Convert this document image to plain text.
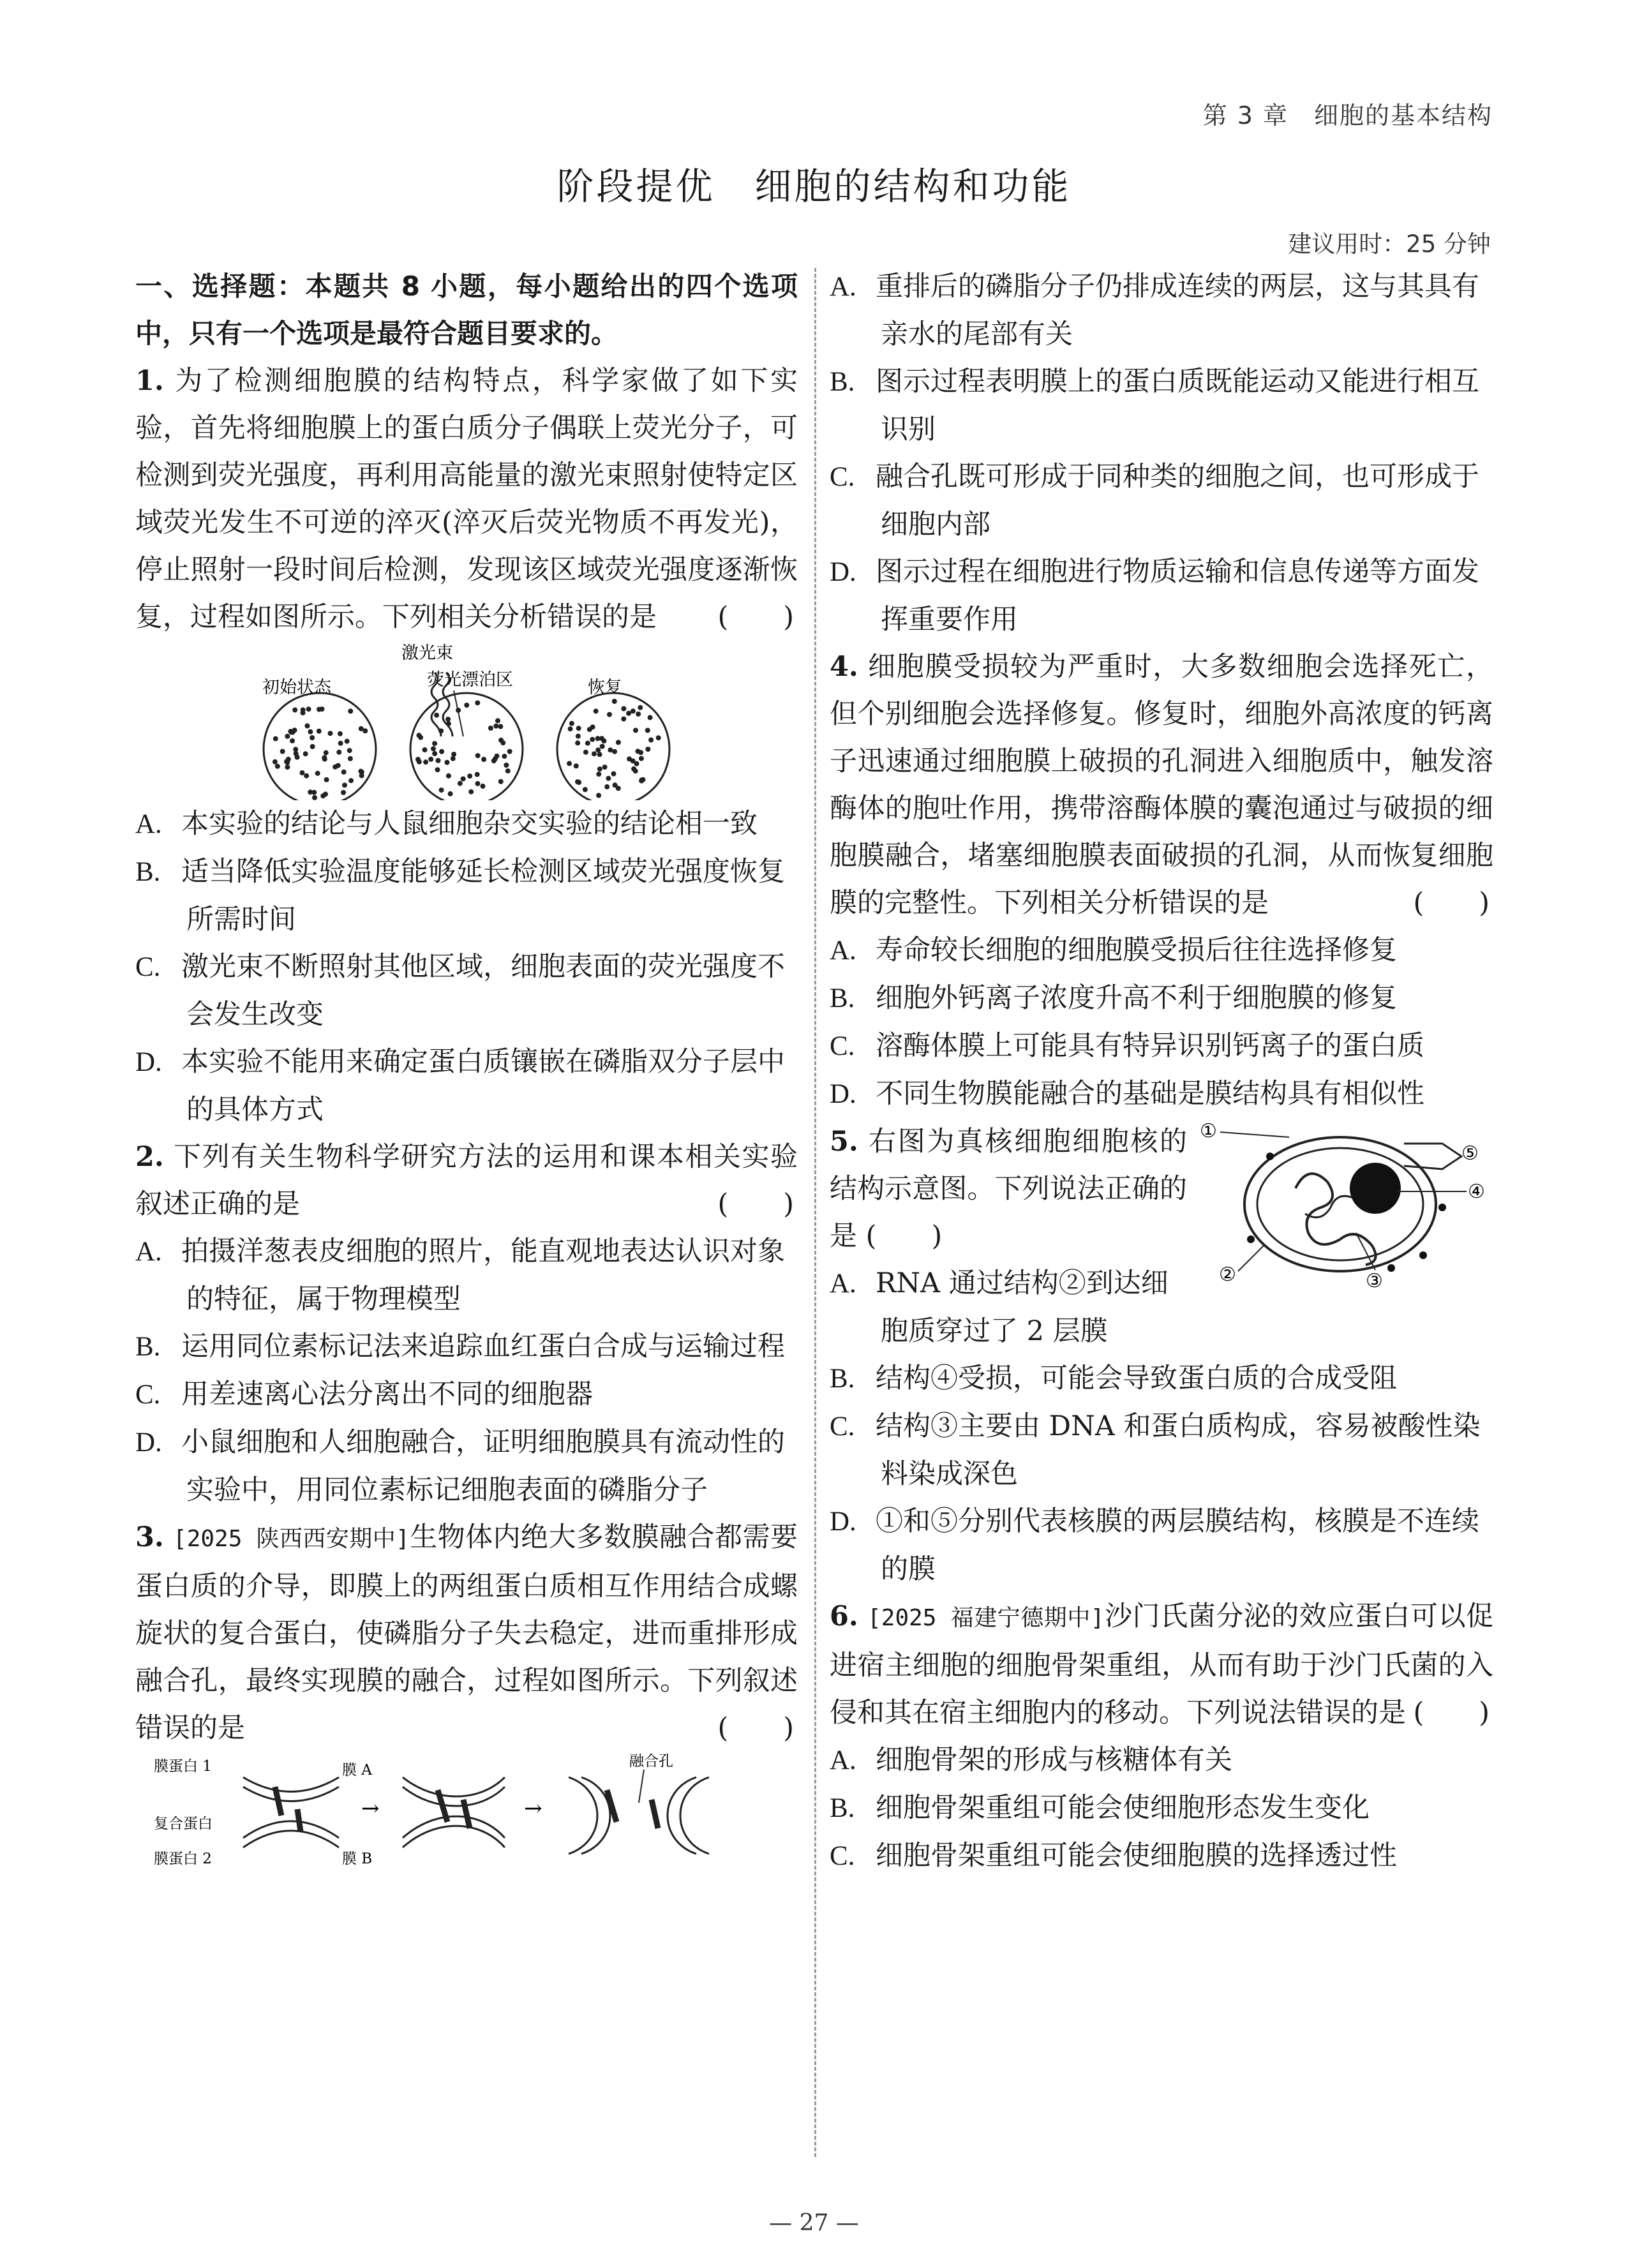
第 3 章　细胞的基本结构
阶段提优　细胞的结构和功能
建议用时：25 分钟

一、选择题：本题共 8 小题，每小题给出的四个选项中，只有一个选项是最符合题目要求的。

1. 为了检测细胞膜的结构特点，科学家做了如下实验，首先将细胞膜上的蛋白质分子偶联上荧光分子，可检测到荧光强度，再利用高能量的激光束照射使特定区域荧光发生不可逆的淬灭(淬灭后荧光物质不再发光)，停止照射一段时间后检测，发现该区域荧光强度逐渐恢复，过程如图所示。下列相关分析错误的是 (　　)

初始状态
激光束
荧光漂泊区	恢复

A. 本实验的结论与人鼠细胞杂交实验的结论相一致

B. 适当降低实验温度能够延长检测区域荧光强度恢复所需时间

C. 激光束不断照射其他区域，细胞表面的荧光强度不会发生改变

D. 本实验不能用来确定蛋白质镶嵌在磷脂双分子层中的具体方式

2. 下列有关生物科学研究方法的运用和课本相关实验叙述正确的是	(　　)

A. 拍摄洋葱表皮细胞的照片，能直观地表达认识对象的特征，属于物理模型

B. 运用同位素标记法来追踪血红蛋白合成与运输过程

C. 用差速离心法分离出不同的细胞器

D. 小鼠细胞和人细胞融合，证明细胞膜具有流动性的实验中，用同位素标记细胞表面的磷脂分子

3. [2025 陕西西安期中]生物体内绝大多数膜融合都需要蛋白质的介导，即膜上的两组蛋白质相互作用结合成螺旋状的复合蛋白，使磷脂分子失去稳定，进而重排形成融合孔，最终实现膜的融合，过程如图所示。下列叙述错误的是	(　　)

膜蛋白 1	膜 A
复合蛋白
膜蛋白 2	膜 B
融合孔
→	→

A. 重排后的磷脂分子仍排成连续的两层，这与其具有亲水的尾部有关

B. 图示过程表明膜上的蛋白质既能运动又能进行相互识别

C. 融合孔既可形成于同种类的细胞之间，也可形成于细胞内部

D. 图示过程在细胞进行物质运输和信息传递等方面发挥重要作用

4. 细胞膜受损较为严重时，大多数细胞会选择死亡，但个别细胞会选择修复。修复时，细胞外高浓度的钙离子迅速通过细胞膜上破损的孔洞进入细胞质中，触发溶酶体的胞吐作用，携带溶酶体膜的囊泡通过与破损的细胞膜融合，堵塞细胞膜表面破损的孔洞，从而恢复细胞膜的完整性。下列相关分析错误的是	(　　)

A. 寿命较长细胞的细胞膜受损后往往选择修复

B. 细胞外钙离子浓度升高不利于细胞膜的修复

C. 溶酶体膜上可能具有特异识别钙离子的蛋白质

D. 不同生物膜能融合的基础是膜结构具有相似性

5. 右图为真核细胞细胞核的结构示意图。下列说法正确的是 (　　)

A. RNA 通过结构②到达细胞质穿过了 2 层膜

①
⑤
④
②	③

B. 结构④受损，可能会导致蛋白质的合成受阻

C. 结构③主要由 DNA 和蛋白质构成，容易被酸性染料染成深色

D. ①和⑤分别代表核膜的两层膜结构，核膜是不连续的膜

6. [2025 福建宁德期中]沙门氏菌分泌的效应蛋白可以促进宿主细胞的细胞骨架重组，从而有助于沙门氏菌的入侵和其在宿主细胞内的移动。下列说法错误的是 (　　)

A. 细胞骨架的形成与核糖体有关

B. 细胞骨架重组可能会使细胞形态发生变化

C. 细胞骨架重组可能会使细胞膜的选择透过性

— 27 —
